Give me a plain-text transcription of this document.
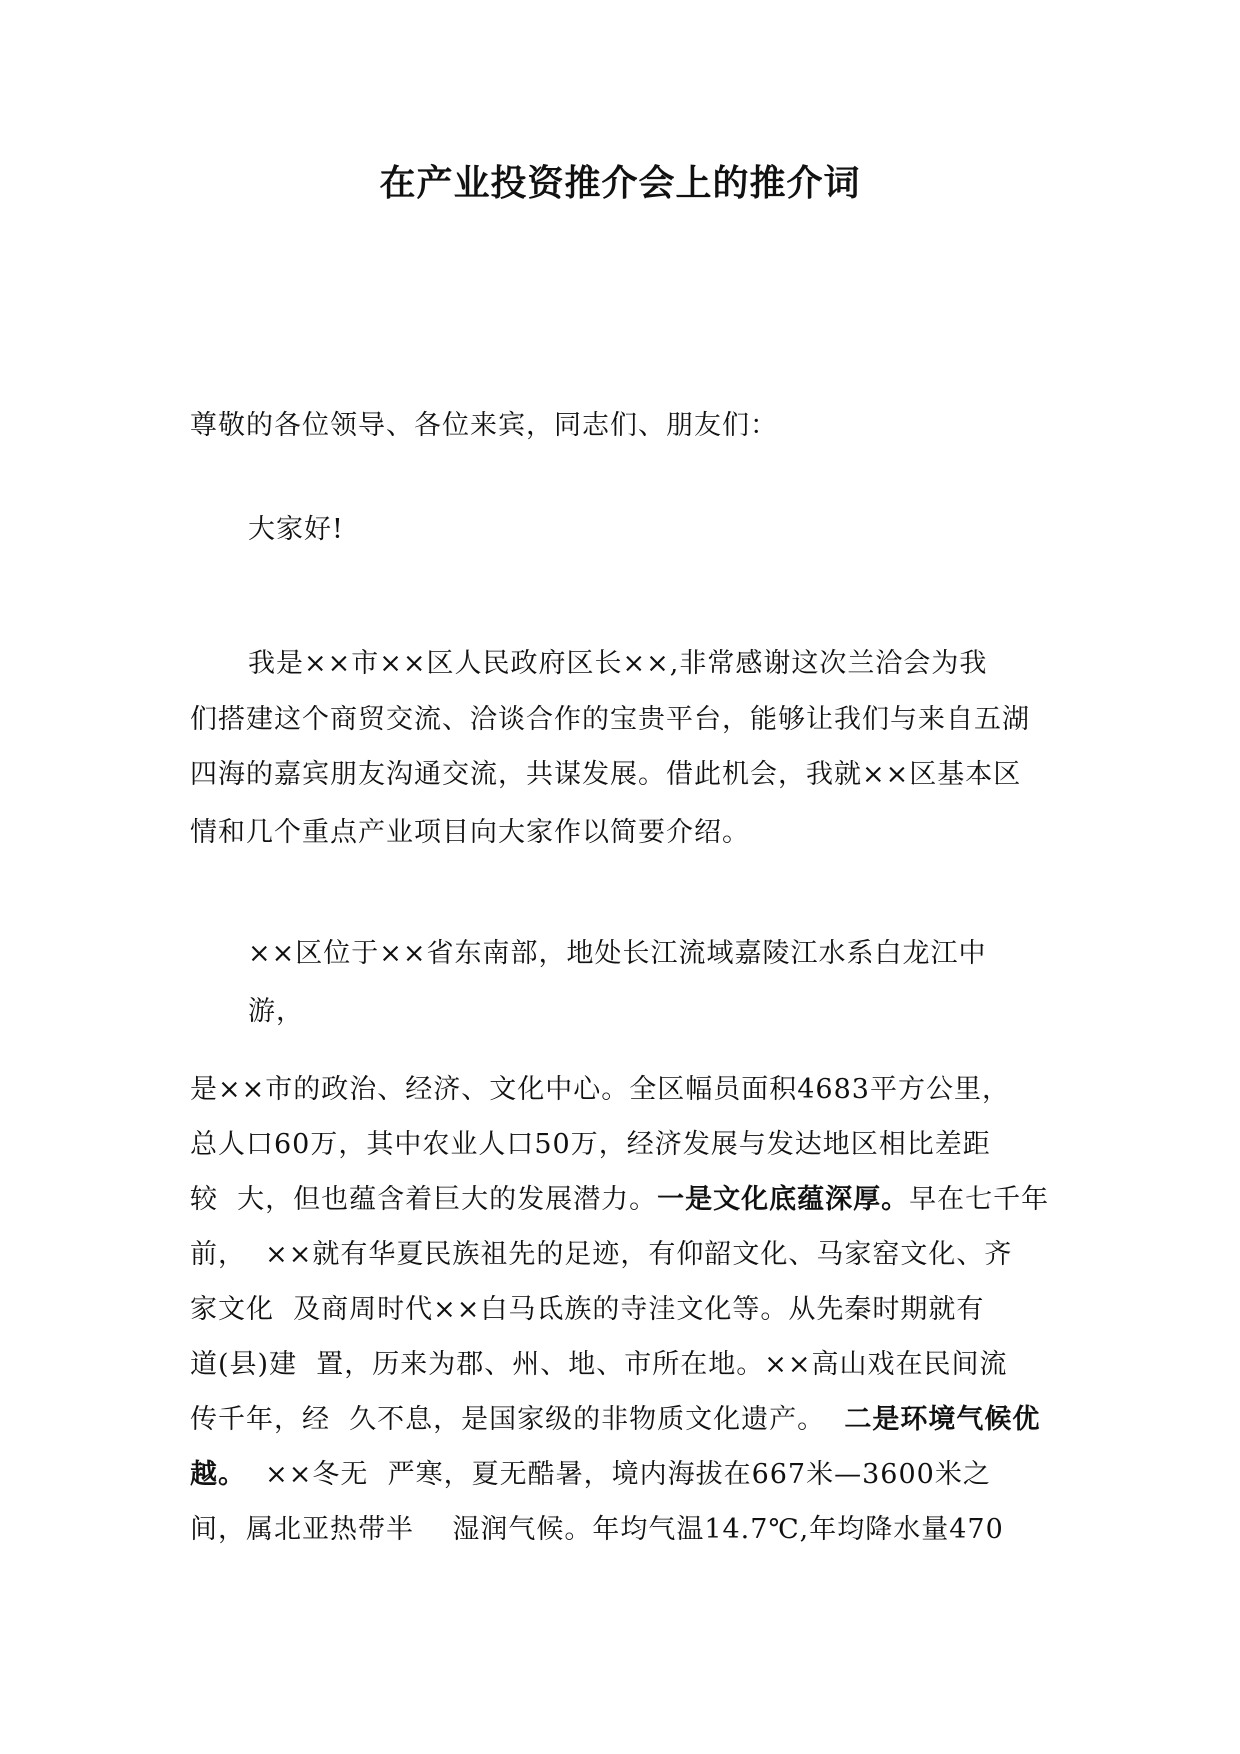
在产业投资推介会上的推介词
尊敬的各位领导、各位来宾，同志们、朋友们：
大家好!
我是××市××区人民政府区长××,非常感谢这次兰洽会为我
们搭建这个商贸交流、洽谈合作的宝贵平台，能够让我们与来自五湖
四海的嘉宾朋友沟通交流，共谋发展。借此机会，我就××区基本区
情和几个重点产业项目向大家作以简要介绍。
××区位于××省东南部，地处长江流域嘉陵江水系白龙江中
游，
是××市的政治、经济、文化中心。全区幅员面积4683平方公里，
总人口60万，其中农业人口50万，经济发展与发达地区相比差距
较  大，但也蕴含着巨大的发展潜力。一是文化底蕴深厚。早在七千年
前，  ××就有华夏民族祖先的足迹，有仰韶文化、马家窑文化、齐
家文化  及商周时代××白马氐族的寺洼文化等。从先秦时期就有
道(县)建  置，历来为郡、州、地、市所在地。××高山戏在民间流
传千年，经  久不息，是国家级的非物质文化遗产。  二是环境气候优
越。  ××冬无  严寒，夏无酷暑，境内海拔在667米—3600米之
间，属北亚热带半    湿润气候。年均气温14.7℃,年均降水量470
